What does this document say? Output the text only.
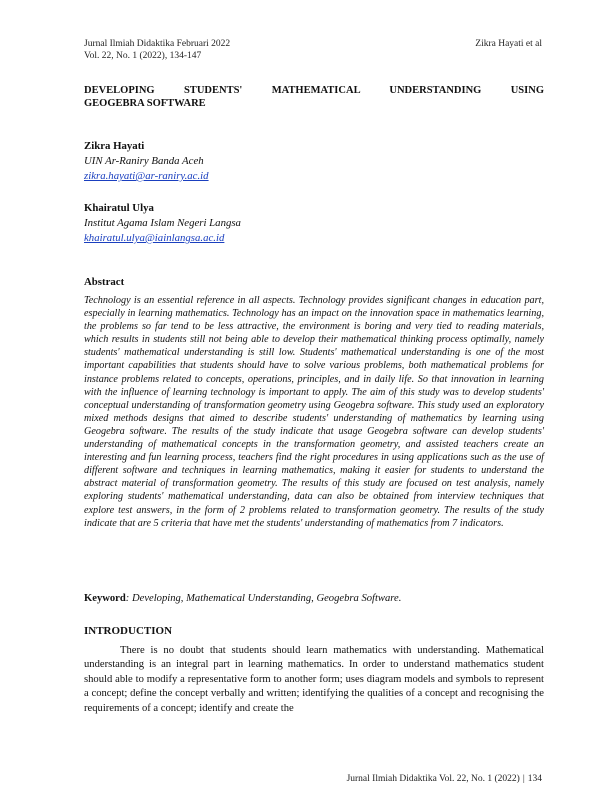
Jurnal Ilmiah Didaktika Februari 2022
Vol. 22, No. 1 (2022), 134-147
Zikra Hayati et al
DEVELOPING STUDENTS' MATHEMATICAL UNDERSTANDING USING
GEOGEBRA SOFTWARE
Zikra Hayati
UIN Ar-Raniry Banda Aceh
zikra.hayati@ar-raniry.ac.id
Khairatul Ulya
Institut Agama Islam Negeri Langsa
khairatul.ulya@iainlangsa.ac.id
Abstract
Technology is an essential reference in all aspects. Technology provides significant changes in education part, especially in learning mathematics. Technology has an impact on the innovation space in mathematics learning, the problems so far tend to be less attractive, the environment is boring and very tied to reading materials, which results in students still not being able to develop their mathematical thinking process optimally, namely students' mathematical understanding is still low. Students' mathematical understanding is one of the most important capabilities that students should have to solve various problems, both mathematical problems for instance problems related to concepts, operations, principles, and in daily life. So that innovation in learning with the influence of learning technology is important to apply. The aim of this study was to develop students' conceptual understanding of transformation geometry using Geogebra software. This study used an exploratory mixed methods designs that aimed to describe students' understanding of mathematics by learning using Geogebra software. The results of the study indicate that usage Geogebra software can develop students' understanding of mathematical concepts in the transformation geometry, and assisted teachers create an interesting and fun learning process, teachers find the right procedures in using applications such as the use of different software and techniques in learning mathematics, making it easier for students to understand the abstract material of transformation geometry. The results of this study are focused on test analysis, namely exploring students' mathematical understanding, data can also be obtained from interview techniques that explore test answers, in the form of 2 problems related to transformation geometry. The results of the study indicate that are 5 criteria that have met the students' understanding of mathematics from 7 indicators.
Keyword: Developing, Mathematical Understanding, Geogebra Software.
INTRODUCTION
There is no doubt that students should learn mathematics with understanding. Mathematical understanding is an integral part in learning mathematics. In order to understand mathematics student should able to modify a representative form to another form; uses diagram models and symbols to represent a concept; define the concept verbally and written; identifying the qualities of a concept and recognising the requirements of a concept; identify and create the
Jurnal Ilmiah Didaktika Vol. 22, No. 1 (2022) | 134
